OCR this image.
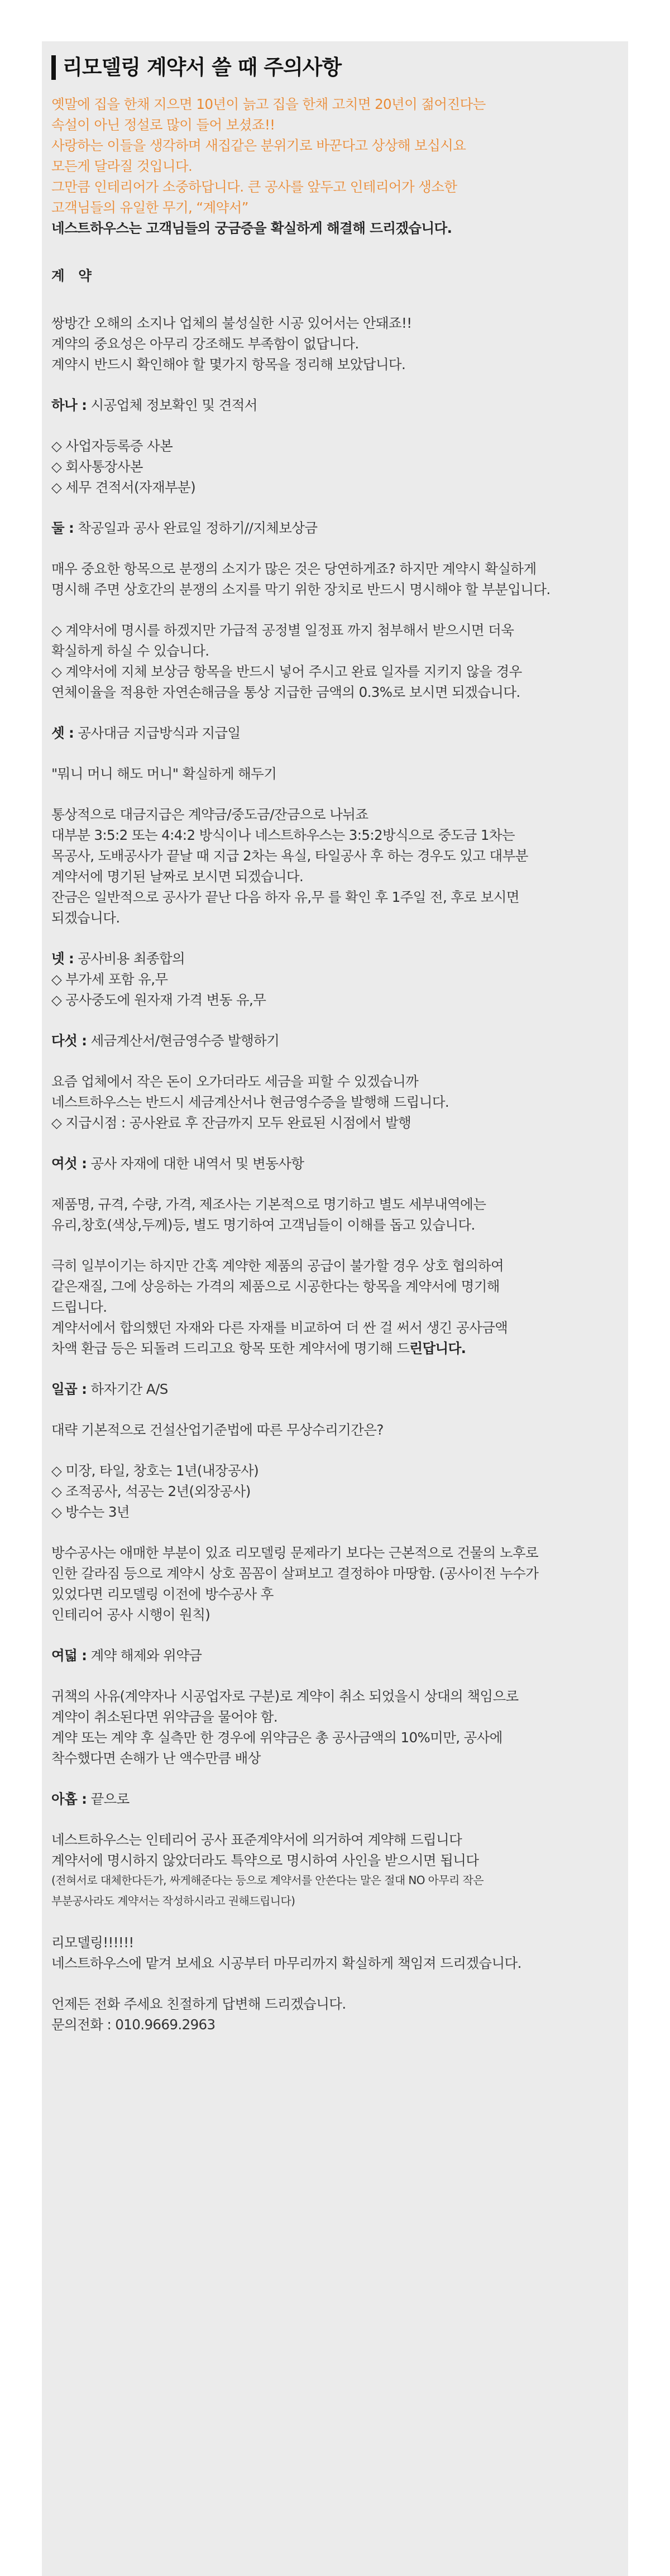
리모델링 계약서 쓸 때 주의사항
옛말에 집을 한채 지으면 10년이 늙고 집을 한채 고치면 20년이 젊어진다는
속설이 아닌 정설로 많이 들어 보셨죠!!
사랑하는 이들을 생각하며 새집같은 분위기로 바꾼다고 상상해 보십시요
모든게 달라질 것입니다.
그만큼 인테리어가 소중하답니다. 큰 공사를 앞두고 인테리어가 생소한
고객님들의 유일한 무기, “계약서”
네스트하우스는 고객님들의 궁금증을 확실하게 해결해 드리겠습니다.
계 약
쌍방간 오해의 소지나 업체의 불성실한 시공 있어서는 안돼죠!!
계약의 중요성은 아무리 강조해도 부족함이 없답니다.
계약시 반드시 확인해야 할 몇가지 항목을 정리해 보았답니다.
하나 : 시공업체 정보확인 및 견적서
◇ 사업자등록증 사본
◇ 회사통장사본
◇ 세무 견적서(자재부분)
둘 : 착공일과 공사 완료일 정하기//지체보상금
매우 중요한 항목으로 분쟁의 소지가 많은 것은 당연하게죠? 하지만 계약시 확실하게
명시해 주면 상호간의 분쟁의 소지를 막기 위한 장치로 반드시 명시해야 할 부분입니다.
◇ 계약서에 명시를 하겠지만 가급적 공정별 일정표 까지 첨부해서 받으시면 더욱
확실하게 하실 수 있습니다.
◇ 계약서에 지체 보상금 항목을 반드시 넣어 주시고 완료 일자를 지키지 않을 경우
연체이율을 적용한 자연손해금을 통상 지급한 금액의 0.3%로 보시면 되겠습니다.
셋 : 공사대금 지급방식과 지급일
"뭐니 머니 해도 머니" 확실하게 해두기
통상적으로 대금지급은 계약금/중도금/잔금으로 나뉘죠
대부분 3:5:2 또는 4:4:2 방식이나 네스트하우스는 3:5:2방식으로 중도금 1차는
목공사, 도배공사가 끝날 때 지급 2차는 욕실, 타일공사 후 하는 경우도 있고 대부분
계약서에 명기된 날짜로 보시면 되겠습니다.
잔금은 일반적으로 공사가 끝난 다음 하자 유,무 를 확인 후 1주일 전, 후로 보시면
되겠습니다.
넷 : 공사비용 최종합의
◇ 부가세 포함 유,무
◇ 공사중도에 원자재 가격 변동 유,무
다섯 : 세금계산서/현금영수증 발행하기
요즘 업체에서 작은 돈이 오가더라도 세금을 피할 수 있겠습니까
네스트하우스는 반드시 세금계산서나 현금영수증을 발행해 드립니다.
◇ 지급시점 : 공사완료 후 잔금까지 모두 완료된 시점에서 발행
여섯 : 공사 자재에 대한 내역서 및 변동사항
제품명, 규격, 수량, 가격, 제조사는 기본적으로 명기하고 별도 세부내역에는
유리,창호(색상,두께)등, 별도 명기하여 고객님들이 이해를 돕고 있습니다.
극히 일부이기는 하지만 간혹 계약한 제품의 공급이 불가할 경우 상호 협의하여
같은재질, 그에 상응하는 가격의 제품으로 시공한다는 항목을 계약서에 명기해
드립니다.
계약서에서 합의했던 자재와 다른 자재를 비교하여 더 싼 걸 써서 생긴 공사금액
차액 환급 등은 되돌려 드리고요 항목 또한 계약서에 명기해 드린답니다.
일곱 : 하자기간 A/S
대략 기본적으로 건설산업기준법에 따른 무상수리기간은?
◇ 미장, 타일, 창호는 1년(내장공사)
◇ 조적공사, 석공는 2년(외장공사)
◇ 방수는 3년
방수공사는 애매한 부분이 있죠 리모델링 문제라기 보다는 근본적으로 건물의 노후로
인한 갈라짐 등으로 계약시 상호 꼼꼼이 살펴보고 결정하야 마땅함. (공사이전 누수가
있었다면 리모델링 이전에 방수공사 후
인테리어 공사 시행이 원칙)
여덟 : 계약 해제와 위약금
귀책의 사유(계약자나 시공업자로 구분)로 계약이 취소 되었을시 상대의 책임으로
계약이 취소된다면 위약금을 물어야 함.
계약 또는 계약 후 실측만 한 경우에 위약금은 총 공사금액의 10%미만, 공사에
착수했다면 손해가 난 액수만큼 배상
아홉 : 끝으로
네스트하우스는 인테리어 공사 표준계약서에 의거하여 계약해 드립니다
계약서에 명시하지 않았더라도 특약으로 명시하여 사인을 받으시면 됩니다
(전혀서로 대체한다든가, 싸게해준다는 등으로 계약서를 안쓴다는 말은 절대 NO 아무리 작은
부분공사라도 계약서는 작성하시라고 권해드립니다)
리모델링!!!!!!
네스트하우스에 맡겨 보세요 시공부터 마무리까지 확실하게 책임져 드리겠습니다.
언제든 전화 주세요 친절하게 답변해 드리겠습니다.
문의전화 : 010.9669.2963
